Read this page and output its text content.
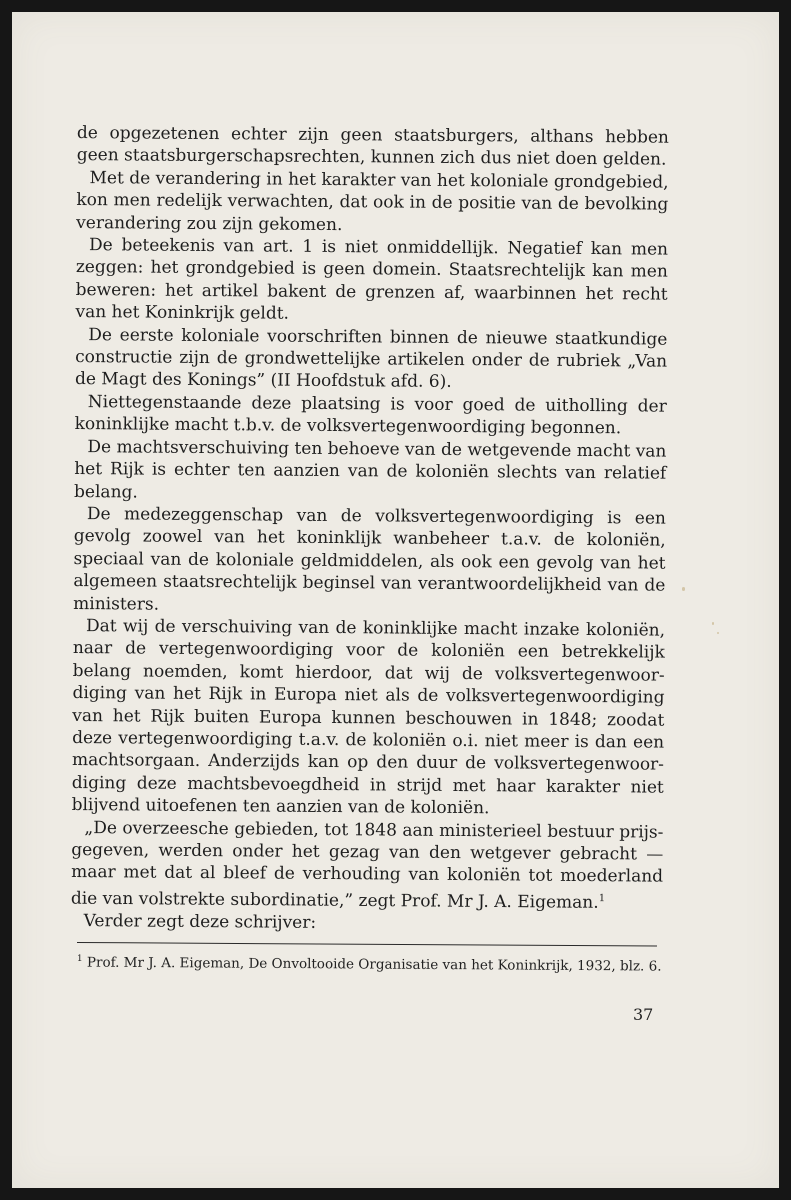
de opgezetenen echter zijn geen staatsburgers, althans hebben geen staatsburgerschapsrechten, kunnen zich dus niet doen gelden.

Met de verandering in het karakter van het koloniale grondgebied, kon men redelijk verwachten, dat ook in de positie van de bevolking verandering zou zijn gekomen.

De beteekenis van art. 1 is niet onmiddellijk. Negatief kan men zeggen: het grondgebied is geen domein. Staatsrechtelijk kan men beweren: het artikel bakent de grenzen af, waarbinnen het recht van het Koninkrijk geldt.

De eerste koloniale voorschriften binnen de nieuwe staatkundige constructie zijn de grondwettelijke artikelen onder de rubriek „Van de Magt des Konings” (II Hoofdstuk afd. 6).

Niettegenstaande deze plaatsing is voor goed de uitholling der koninklijke macht t.b.v. de volksvertegenwoordiging begonnen.

De machtsverschuiving ten behoeve van de wetgevende macht van het Rijk is echter ten aanzien van de koloniën slechts van relatief belang.

De medezeggenschap van de volksvertegenwoordiging is een gevolg zoowel van het koninklijk wanbeheer t.a.v. de koloniën, speciaal van de koloniale geldmiddelen, als ook een gevolg van het algemeen staatsrechtelijk beginsel van verantwoordelijkheid van de ministers.

Dat wij de verschuiving van de koninklijke macht inzake koloniën, naar de vertegenwoordiging voor de koloniën een betrekkelijk belang noemden, komt hierdoor, dat wij de volksvertegenwoordiging van het Rijk in Europa niet als de volksvertegenwoordiging van het Rijk buiten Europa kunnen beschouwen in 1848; zoodat deze vertegenwoordiging t.a.v. de koloniën o.i. niet meer is dan een machtsorgaan. Anderzijds kan op den duur de volksvertegenwoordiging deze machtsbevoegdheid in strijd met haar karakter niet blijvend uitoefenen ten aanzien van de koloniën.

„De overzeesche gebieden, tot 1848 aan ministerieel bestuur prijsgegeven, werden onder het gezag van den wetgever gebracht — maar met dat al bleef de verhouding van koloniën tot moederland die van volstrekte subordinatie,” zegt Prof. Mr J. A. Eigeman.$^1$

Verder zegt deze schrijver:

$^1$ Prof. Mr J. A. Eigeman, De Onvoltooide Organisatie van het Koninkrijk, 1932, blz. 6.
37
